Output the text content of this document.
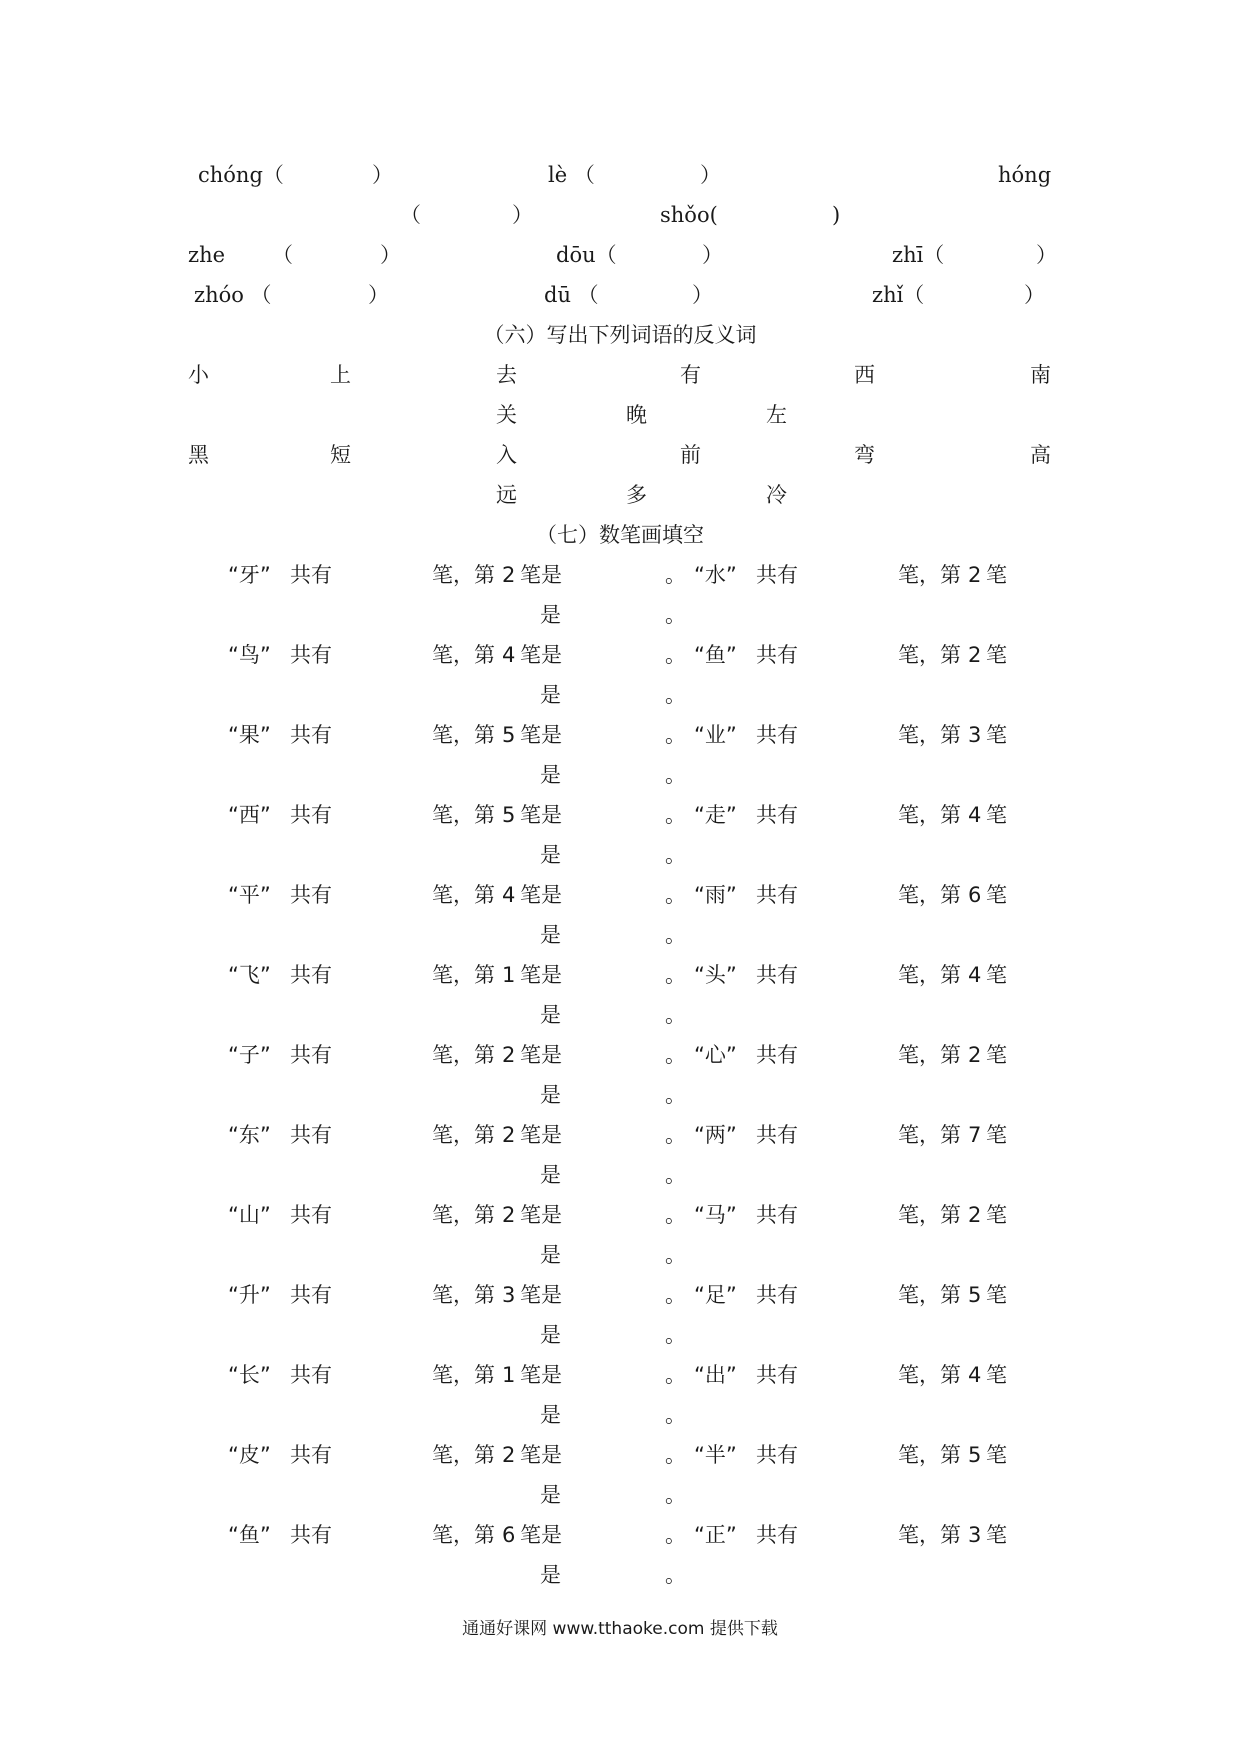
chóng（	）	lè （	）	hóng
（	）	shǒo(	)
zhe （	）	dōu（	）	zhī（	）
zhóo （	）	dū （	）	zhǐ（	）
（六）写出下列词语的反义词
小	上	去	有	西	南
关	晚	左
黑	短	入	前	弯	高
远	多	冷
（七）数笔画填空
“牙” 共有	笔，第 2 笔是	。 “水” 共有	笔，第 2 笔
是	。
“鸟” 共有	笔，第 4 笔是	。 “鱼” 共有	笔，第 2 笔
是	。
“果” 共有	笔，第 5 笔是	。 “业” 共有	笔，第 3 笔
是	。
“西” 共有	笔，第 5 笔是	。 “走” 共有	笔，第 4 笔
是	。
“平” 共有	笔，第 4 笔是	。 “雨” 共有	笔，第 6 笔
是	。
“飞” 共有	笔，第 1 笔是	。 “头” 共有	笔，第 4 笔
是	。
“子” 共有	笔，第 2 笔是	。 “心” 共有	笔，第 2 笔
是	。
“东” 共有	笔，第 2 笔是	。 “两” 共有	笔，第 7 笔
是	。
“山” 共有	笔，第 2 笔是	。 “马” 共有	笔，第 2 笔
是	。
“升” 共有	笔，第 3 笔是	。 “足” 共有	笔，第 5 笔
是	。
“长” 共有	笔，第 1 笔是	。 “出” 共有	笔，第 4 笔
是	。
“皮” 共有	笔，第 2 笔是	。 “半” 共有	笔，第 5 笔
是	。
“鱼” 共有	笔，第 6 笔是	。 “正” 共有	笔，第 3 笔
是	。
通通好课网 www.tthaoke.com 提供下载
